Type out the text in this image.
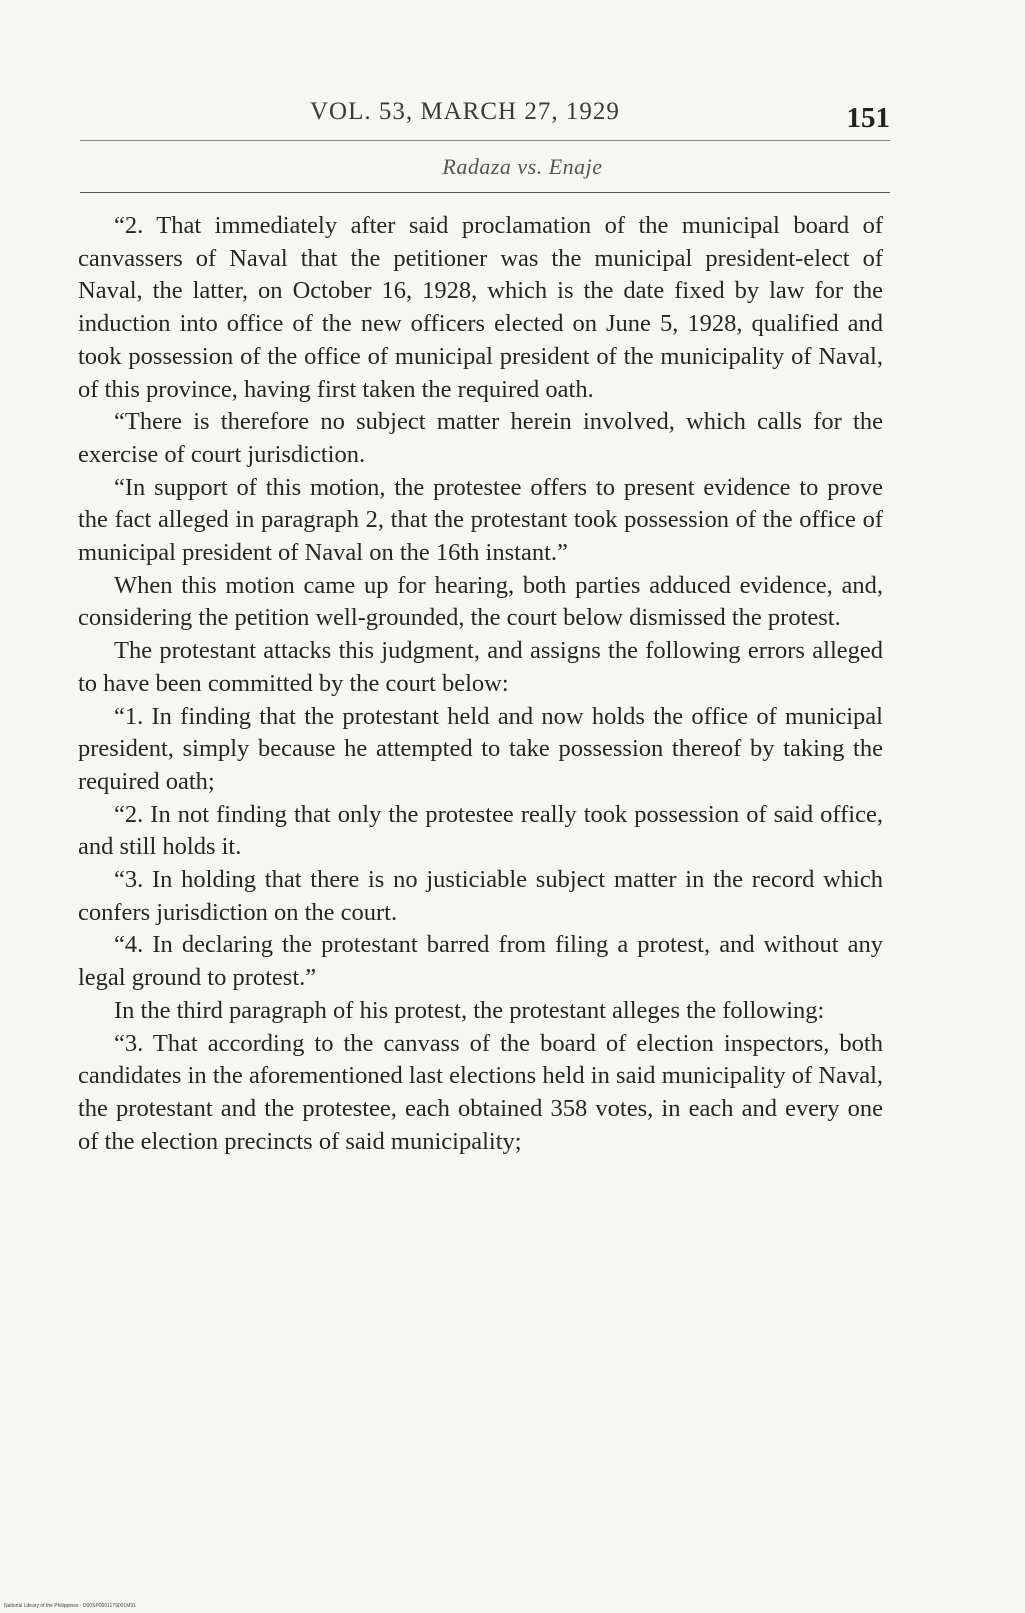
VOL. 53, MARCH 27, 1929	151
Radaza vs. Enaje

“2. That immediately after said proclamation of the municipal board of canvassers of Naval that the petitioner was the municipal president-elect of Naval, the latter, on October 16, 1928, which is the date fixed by law for the induction into office of the new officers elected on June 5, 1928, qualified and took possession of the office of municipal president of the municipality of Naval, of this province, having first taken the required oath.

“There is therefore no subject matter herein involved, which calls for the exercise of court jurisdiction.

“In support of this motion, the protestee offers to present evidence to prove the fact alleged in paragraph 2, that the protestant took possession of the office of municipal president of Naval on the 16th instant.”

When this motion came up for hearing, both parties adduced evidence, and, considering the petition well-grounded, the court below dismissed the protest.

The protestant attacks this judgment, and assigns the following errors alleged to have been committed by the court below:

“1. In finding that the protestant held and now holds the office of municipal president, simply because he attempted to take possession thereof by taking the required oath;

“2. In not finding that only the protestee really took possession of said office, and still holds it.

“3. In holding that there is no justiciable subject matter in the record which confers jurisdiction on the court.

“4. In declaring the protestant barred from filing a protest, and without any legal ground to protest.”

In the third paragraph of his protest, the protestant alleges the following:

“3. That according to the canvass of the board of election inspectors, both candidates in the aforementioned last elections held in said municipality of Naval, the protestant and the protestee, each obtained 358 votes, in each and every one of the election precincts of said municipality;

National Library of the Philippines · D00SP0001179001M31
